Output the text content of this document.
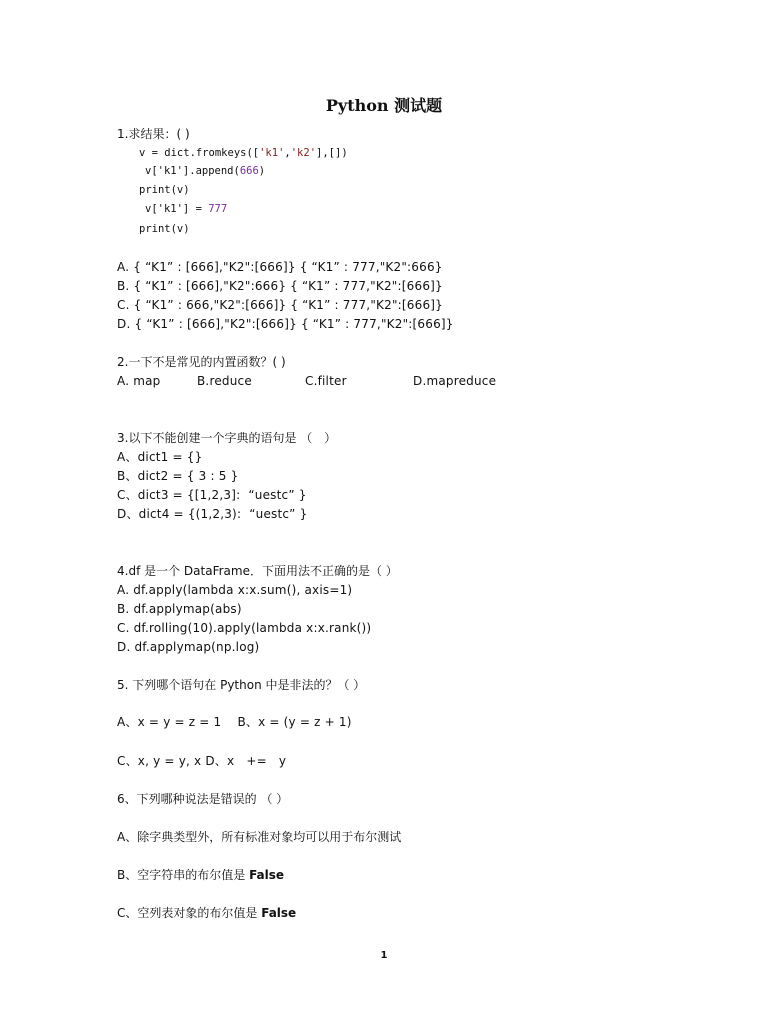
Python 测试题
1.求结果：( )
v = dict.fromkeys(['k1','k2'],[])
v['k1'].append(666)
print(v)
v['k1'] = 777
print(v)
A. { “K1” : [666],"K2":[666]} { “K1” : 777,"K2":666}
B. { “K1” : [666],"K2":666} { “K1” : 777,"K2":[666]}
C. { “K1” : 666,"K2":[666]} { “K1” : 777,"K2":[666]}
D. { “K1” : [666],"K2":[666]} { “K1” : 777,"K2":[666]}
2.一下不是常见的内置函数？( )
A. map	B.reduce	C.filter	D.mapreduce
3.以下不能创建一个字典的语句是 （　）
A、dict1 = {}
B、dict2 = { 3 : 5 }
C、dict3 = {[1,2,3]:  “uestc” }
D、dict4 = {(1,2,3):  “uestc” }
4.df 是一个 DataFrame．下面用法不正确的是（ ）
A. df.apply(lambda x:x.sum(), axis=1)
B. df.applymap(abs)
C. df.rolling(10).apply(lambda x:x.rank())
D. df.applymap(np.log)
5. 下列哪个语句在 Python 中是非法的？（ ）
A、x = y = z = 1    B、x = (y = z + 1)
C、x, y = y, x D、x   +=   y
6、下列哪种说法是错误的 （ ）
A、除字典类型外，所有标准对象均可以用于布尔测试
B、空字符串的布尔值是 False
C、空列表对象的布尔值是 False
1
